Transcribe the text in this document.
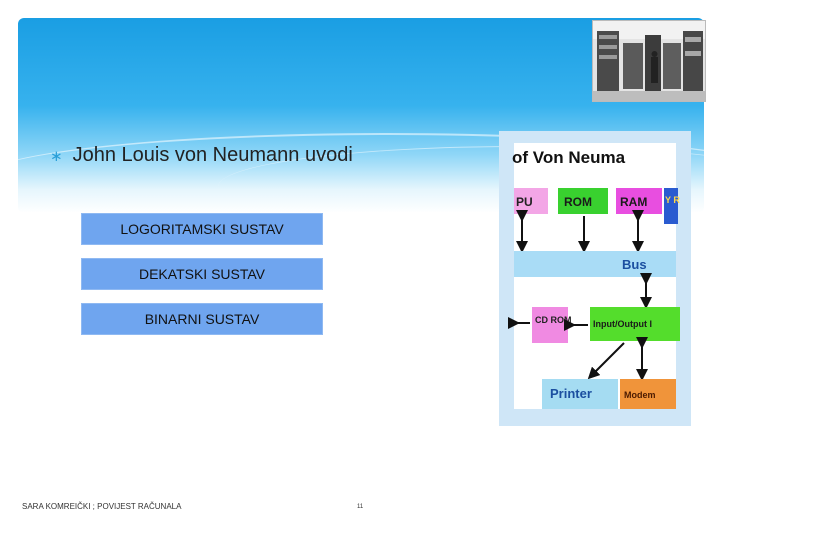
∗ John Louis von Neumann uvodi
LOGORITAMSKI SUSTAV
DEKATSKI SUSTAV
BINARNI SUSTAV
of Von Neuma
PU	ROM RAM Y R
Bus
CD ROM Input/Output I
Printer	Modem
SARA KOMREIČKI ; POVIJEST RAČUNALA	11
